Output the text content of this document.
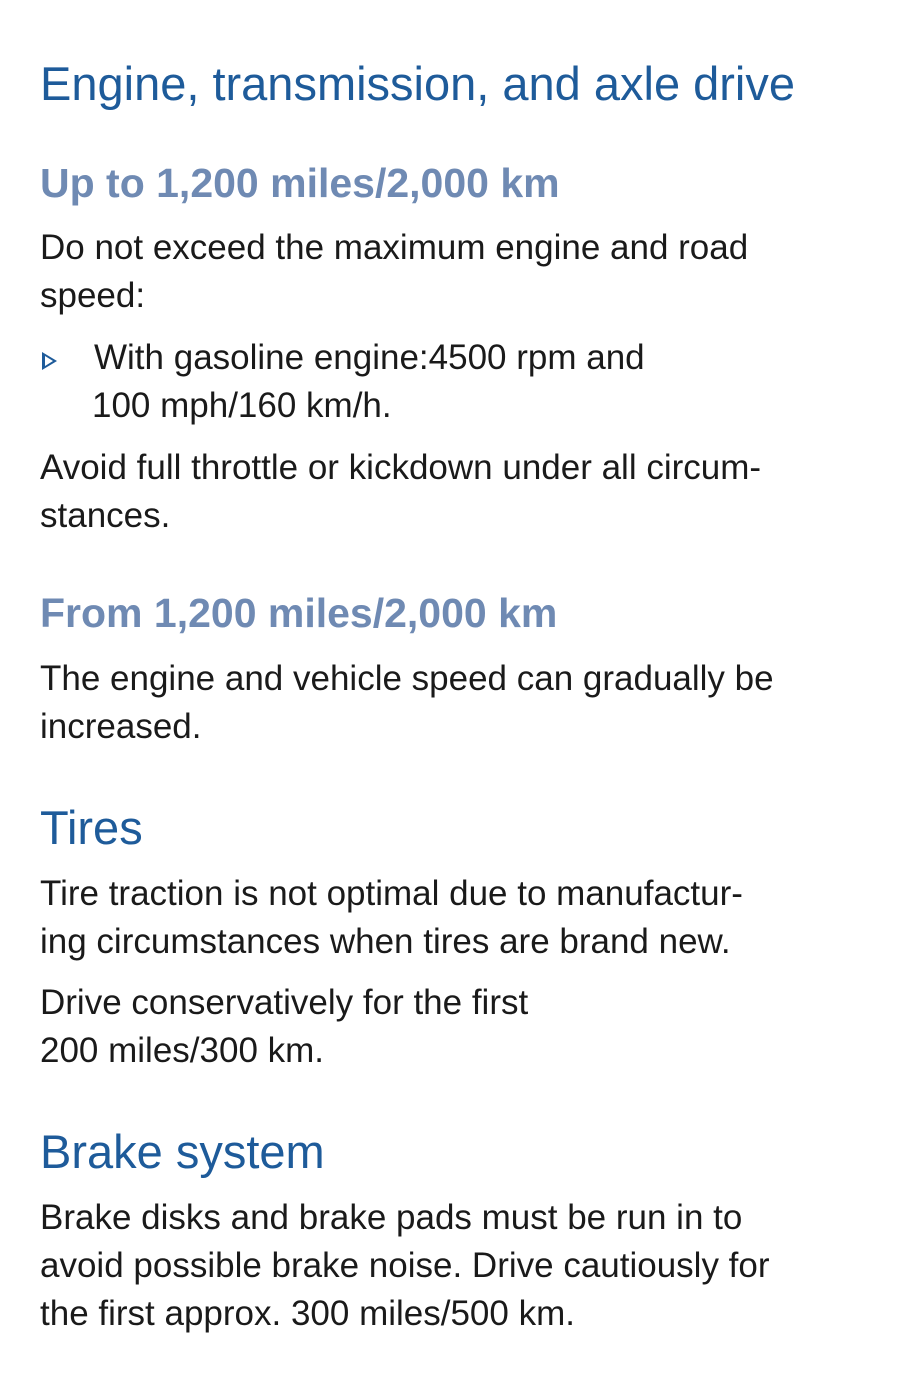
Engine, transmission, and axle drive
Up to 1,200 miles/2,000 km
Do not exceed the maximum engine and road
speed:
With gasoline engine:4500 rpm and
100 mph/160 km/h.
Avoid full throttle or kickdown under all circum-
stances.
From 1,200 miles/2,000 km
The engine and vehicle speed can gradually be
increased.
Tires
Tire traction is not optimal due to manufactur-
ing circumstances when tires are brand new.
Drive conservatively for the first
200 miles/300 km.
Brake system
Brake disks and brake pads must be run in to
avoid possible brake noise. Drive cautiously for
the first approx. 300 miles/500 km.
